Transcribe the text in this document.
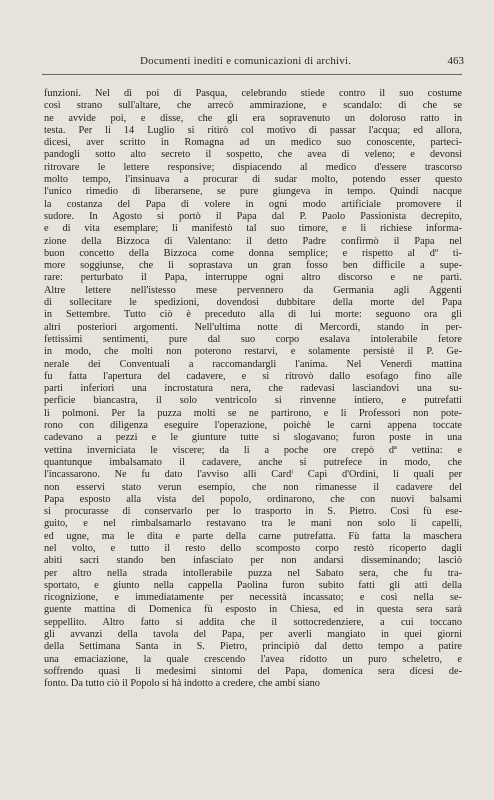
Documenti inediti e comunicazioni di archivi.	463
funzioni. Nel dì poi di Pasqua, celebrando stiede contro il suo costume
così strano sull'altare, che arrecò ammirazione, e scandalo: di che se
ne avvide poi, e disse, che gli era sopravenuto un doloroso ratto in
testa. Per li 14 Luglio si ritirò col motivo di passar l'acqua; ed allora,
dicesi, aver scritto in Romagna ad un medico suo conoscente, parteci-
pandogli sotto alto secreto il sospetto, che avea di veleno; e devonsi
ritrovare le lettere responsive; dispiacendo al medico d'essere trascorso
molto tempo, l'insinuava a procurar di sudar molto, potendo esser questo
l'unico rimedio di liberarsene, se pure giungeva in tempo. Quindi nacque
la costanza del Papa di volere in ogni modo artificiale promovere il
sudore. In Agosto si portò il Papa dal P. Paolo Passionista decrepito,
e di vita esemplare; li manifestò tal suo timore, e li richiese informa-
zione della Bizzoca di Valentano: il detto Padre confirmò il Papa nel
buon concetto della Bizzoca come donna semplice; e rispetto al dº ti-
more soggiunse, che li soprastava un gran fosso ben difficile a supe-
rare: perturbato il Papa, interruppe ogni altro discorso e ne partì.
Altre lettere nell'istesso mese pervennero da Germania agli Aggenti
di sollecitare le spedizioni, dovendosi dubbitare della morte del Papa
in Settembre. Tutto ciò è preceduto alla di lui morte: seguono ora gli
altri posteriori argomenti. Nell'ultima notte di Mercordì, stando in per-
fettissimi sentimenti, pure dal suo corpo esalava intolerabile fetore
in modo, che molti non poterono restarvi, e solamente persistè il P. Ge-
nerale dei Conventuali a raccomandargli l'anima. Nel Venerdì mattina
fu fatta l'apertura del cadavere, e si ritrovò dallo esofago fino alle
parti inferiori una incrostatura nera, che radevasi lasciandovi una su-
perficie biancastra, il solo ventricolo si rinvenne intiero, e putrefatti
li polmoni. Per la puzza molti se ne partirono, e li Professori non pote-
rono con diligenza eseguire l'operazione, poichè le carni appena toccate
cadevano a pezzi e le giunture tutte si slogavano; furon poste in una
vettina inverniciata le viscere; da li a poche ore crepò dª vettina: e
quantunque imbalsamato il cadavere, anche si putrefece in modo, che
l'incassarono. Ne fu dato l'avviso alli Cardⁱ Capi d'Ordini, li quali per
non esservi stato verun esempio, che non rimanesse il cadavere del
Papa esposto alla vista del popolo, ordinarono, che con nuovi balsami
si procurasse di conservarlo per lo trasporto in S. Pietro. Così fù ese-
guito, e nel rimbalsamarlo restavano tra le mani non solo li capelli,
ed ugne, ma le dita e parte della carne putrefatta. Fù fatta la maschera
nel volto, e tutto il resto dello scomposto corpo restò ricoperto dagli
abiti sacri stando ben infasciato per non andarsi disseminando; lasciò
per altro nella strada intollerabile puzza nel Sabato sera, che fu tra-
sportato, e giunto nella cappella Paolina furon subito fatti gli atti della
ricognizione, e immediatamente per necessità incassato; e così nella se-
guente mattina di Domenica fù esposto in Chiesa, ed in questa sera sarà
seppellito. Altro fatto si addita che il sottocredenziere, a cui toccano
gli avvanzi della tavola del Papa, per averli mangiato in quei giorni
della Settimana Santa in S. Pietro, principiò dal detto tempo a patire
una emaciazione, la quale crescendo l'avea ridotto un puro scheletro, e
soffrendo quasi li medesimi sintomi del Papa, domenica sera dicesi de-
fonto. Da tutto ciò il Popolo si hà indotto a credere, che ambi siano
